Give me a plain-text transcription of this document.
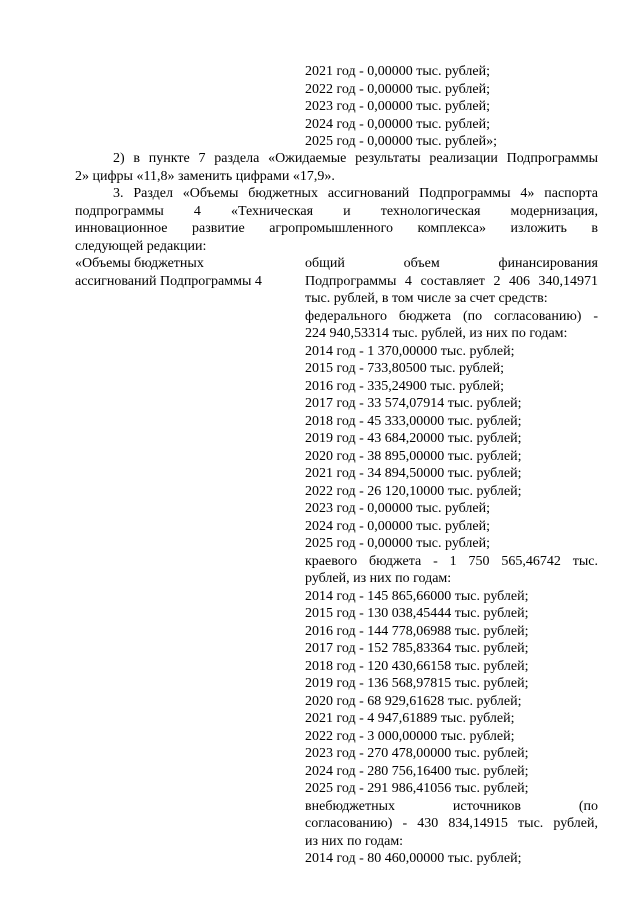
2021 год - 0,00000 тыс. рублей;
2022 год - 0,00000 тыс. рублей;
2023 год - 0,00000 тыс. рублей;
2024 год - 0,00000 тыс. рублей;
2025 год - 0,00000 тыс. рублей»;
2) в пункте 7 раздела «Ожидаемые результаты реализации Подпрограммы
2» цифры «11,8» заменить цифрами «17,9».
3. Раздел «Объемы бюджетных ассигнований Подпрограммы 4» паспорта
подпрограммы 4 «Техническая и технологическая модернизация,
инновационное развитие агропромышленного комплекса» изложить в
следующей редакции:
«Объемы бюджетных
ассигнований Подпрограммы 4
общий объем финансирования
Подпрограммы 4 составляет 2 406 340,14971
тыс. рублей, в том числе за счет средств:
федерального бюджета (по согласованию) -
224 940,53314 тыс. рублей, из них по годам:
2014 год - 1 370,00000 тыс. рублей;
2015 год - 733,80500 тыс. рублей;
2016 год - 335,24900 тыс. рублей;
2017 год - 33 574,07914 тыс. рублей;
2018 год - 45 333,00000 тыс. рублей;
2019 год - 43 684,20000 тыс. рублей;
2020 год - 38 895,00000 тыс. рублей;
2021 год - 34 894,50000 тыс. рублей;
2022 год - 26 120,10000 тыс. рублей;
2023 год - 0,00000 тыс. рублей;
2024 год - 0,00000 тыс. рублей;
2025 год - 0,00000 тыс. рублей;
краевого бюджета - 1 750 565,46742 тыс.
рублей, из них по годам:
2014 год - 145 865,66000 тыс. рублей;
2015 год - 130 038,45444 тыс. рублей;
2016 год - 144 778,06988 тыс. рублей;
2017 год - 152 785,83364 тыс. рублей;
2018 год - 120 430,66158 тыс. рублей;
2019 год - 136 568,97815 тыс. рублей;
2020 год - 68 929,61628 тыс. рублей;
2021 год - 4 947,61889 тыс. рублей;
2022 год - 3 000,00000 тыс. рублей;
2023 год - 270 478,00000 тыс. рублей;
2024 год - 280 756,16400 тыс. рублей;
2025 год - 291 986,41056 тыс. рублей;
внебюджетных источников (по
согласованию) - 430 834,14915 тыс. рублей,
из них по годам:
2014 год - 80 460,00000 тыс. рублей;
